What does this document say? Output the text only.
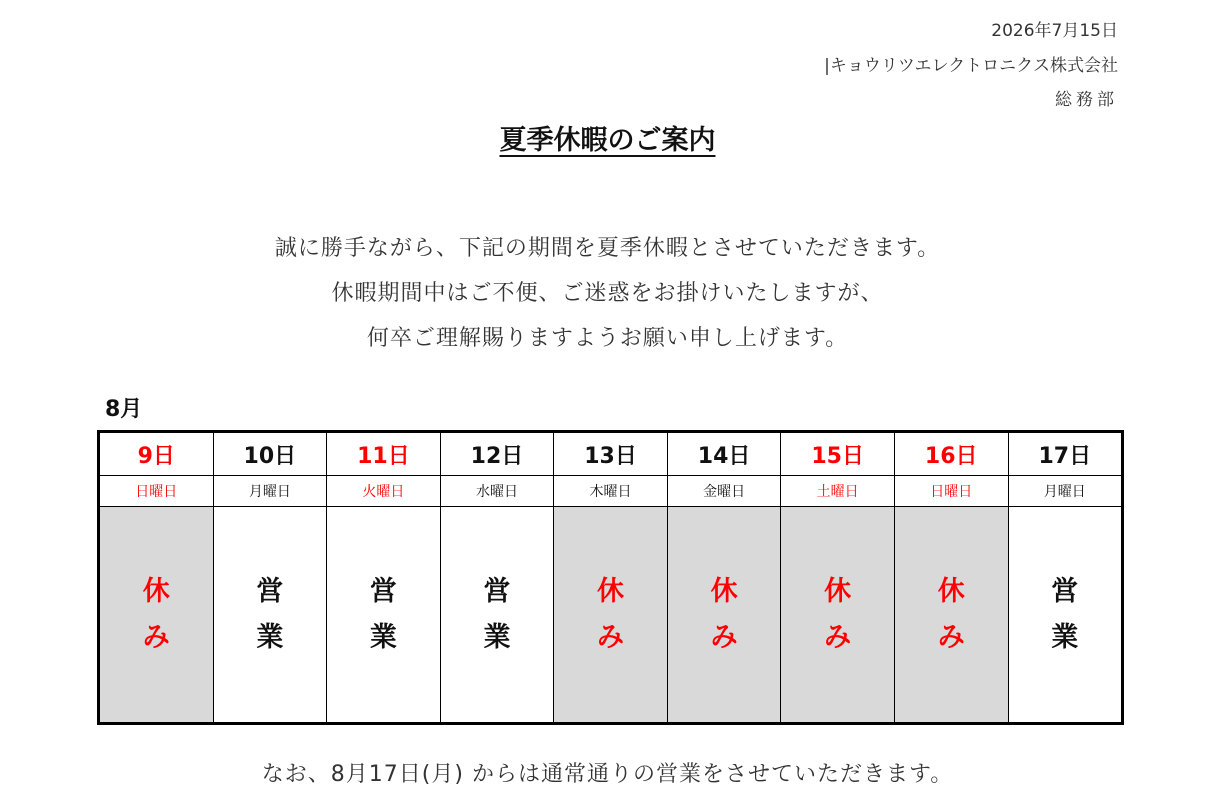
2026年7月15日
|キョウリツエレクトロニクス株式会社
総務部
夏季休暇のご案内
誠に勝手ながら、下記の期間を夏季休暇とさせていただきます。
休暇期間中はご不便、ご迷惑をお掛けいたしますが、
何卒ご理解賜りますようお願い申し上げます。
8月
9日
日曜日
休
み
10日
月曜日
営
業
11日
火曜日
営
業
12日
水曜日
営
業
13日
木曜日
休
み
14日
金曜日
休
み
15日
土曜日
休
み
16日
日曜日
休
み
17日
月曜日
営
業
なお、8月17日(月) からは通常通りの営業をさせていただきます。
